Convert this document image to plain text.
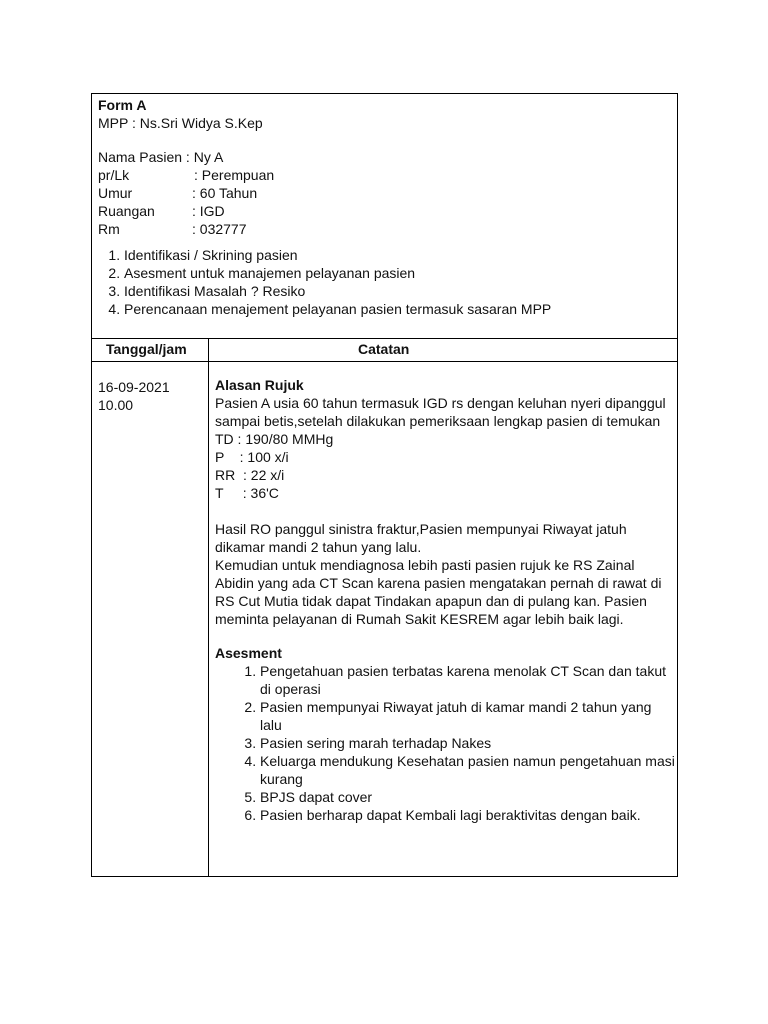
Form A
MPP : Ns.Sri Widya S.Kep
Nama Pasien : Ny A
pr/Lk	: Perempuan
Umur	: 60 Tahun
Ruangan	: IGD
Rm	: 032777
1. Identifikasi / Skrining pasien
2. Asesment untuk manajemen pelayanan pasien
3. Identifikasi Masalah ? Resiko
4. Perencanaan menajement pelayanan pasien termasuk sasaran MPP
Tanggal/jam	Catatan
16-09-2021
10.00

Alasan Rujuk

Pasien A usia 60 tahun termasuk IGD rs dengan keluhan nyeri dipanggul sampai betis,setelah dilakukan pemeriksaan lengkap pasien di temukan

TD : 190/80 MMHg
P    : 100 x/i
RR  : 22 x/i
T     : 36'C

Hasil RO panggul sinistra fraktur,Pasien mempunyai Riwayat jatuh dikamar mandi 2 tahun yang lalu.

Kemudian untuk mendiagnosa lebih pasti pasien rujuk ke RS Zainal Abidin yang ada CT Scan karena pasien mengatakan pernah di rawat di RS Cut Mutia tidak dapat Tindakan apapun dan di pulang kan. Pasien meminta pelayanan di Rumah Sakit KESREM agar lebih baik lagi.

Asesment

1. Pengetahuan pasien terbatas karena menolak CT Scan dan takut di operasi
2. Pasien mempunyai Riwayat jatuh di kamar mandi 2 tahun yang lalu
3. Pasien sering marah terhadap Nakes
4. Keluarga mendukung Kesehatan pasien namun pengetahuan masi kurang
5. BPJS dapat cover
6. Pasien berharap dapat Kembali lagi beraktivitas dengan baik.
